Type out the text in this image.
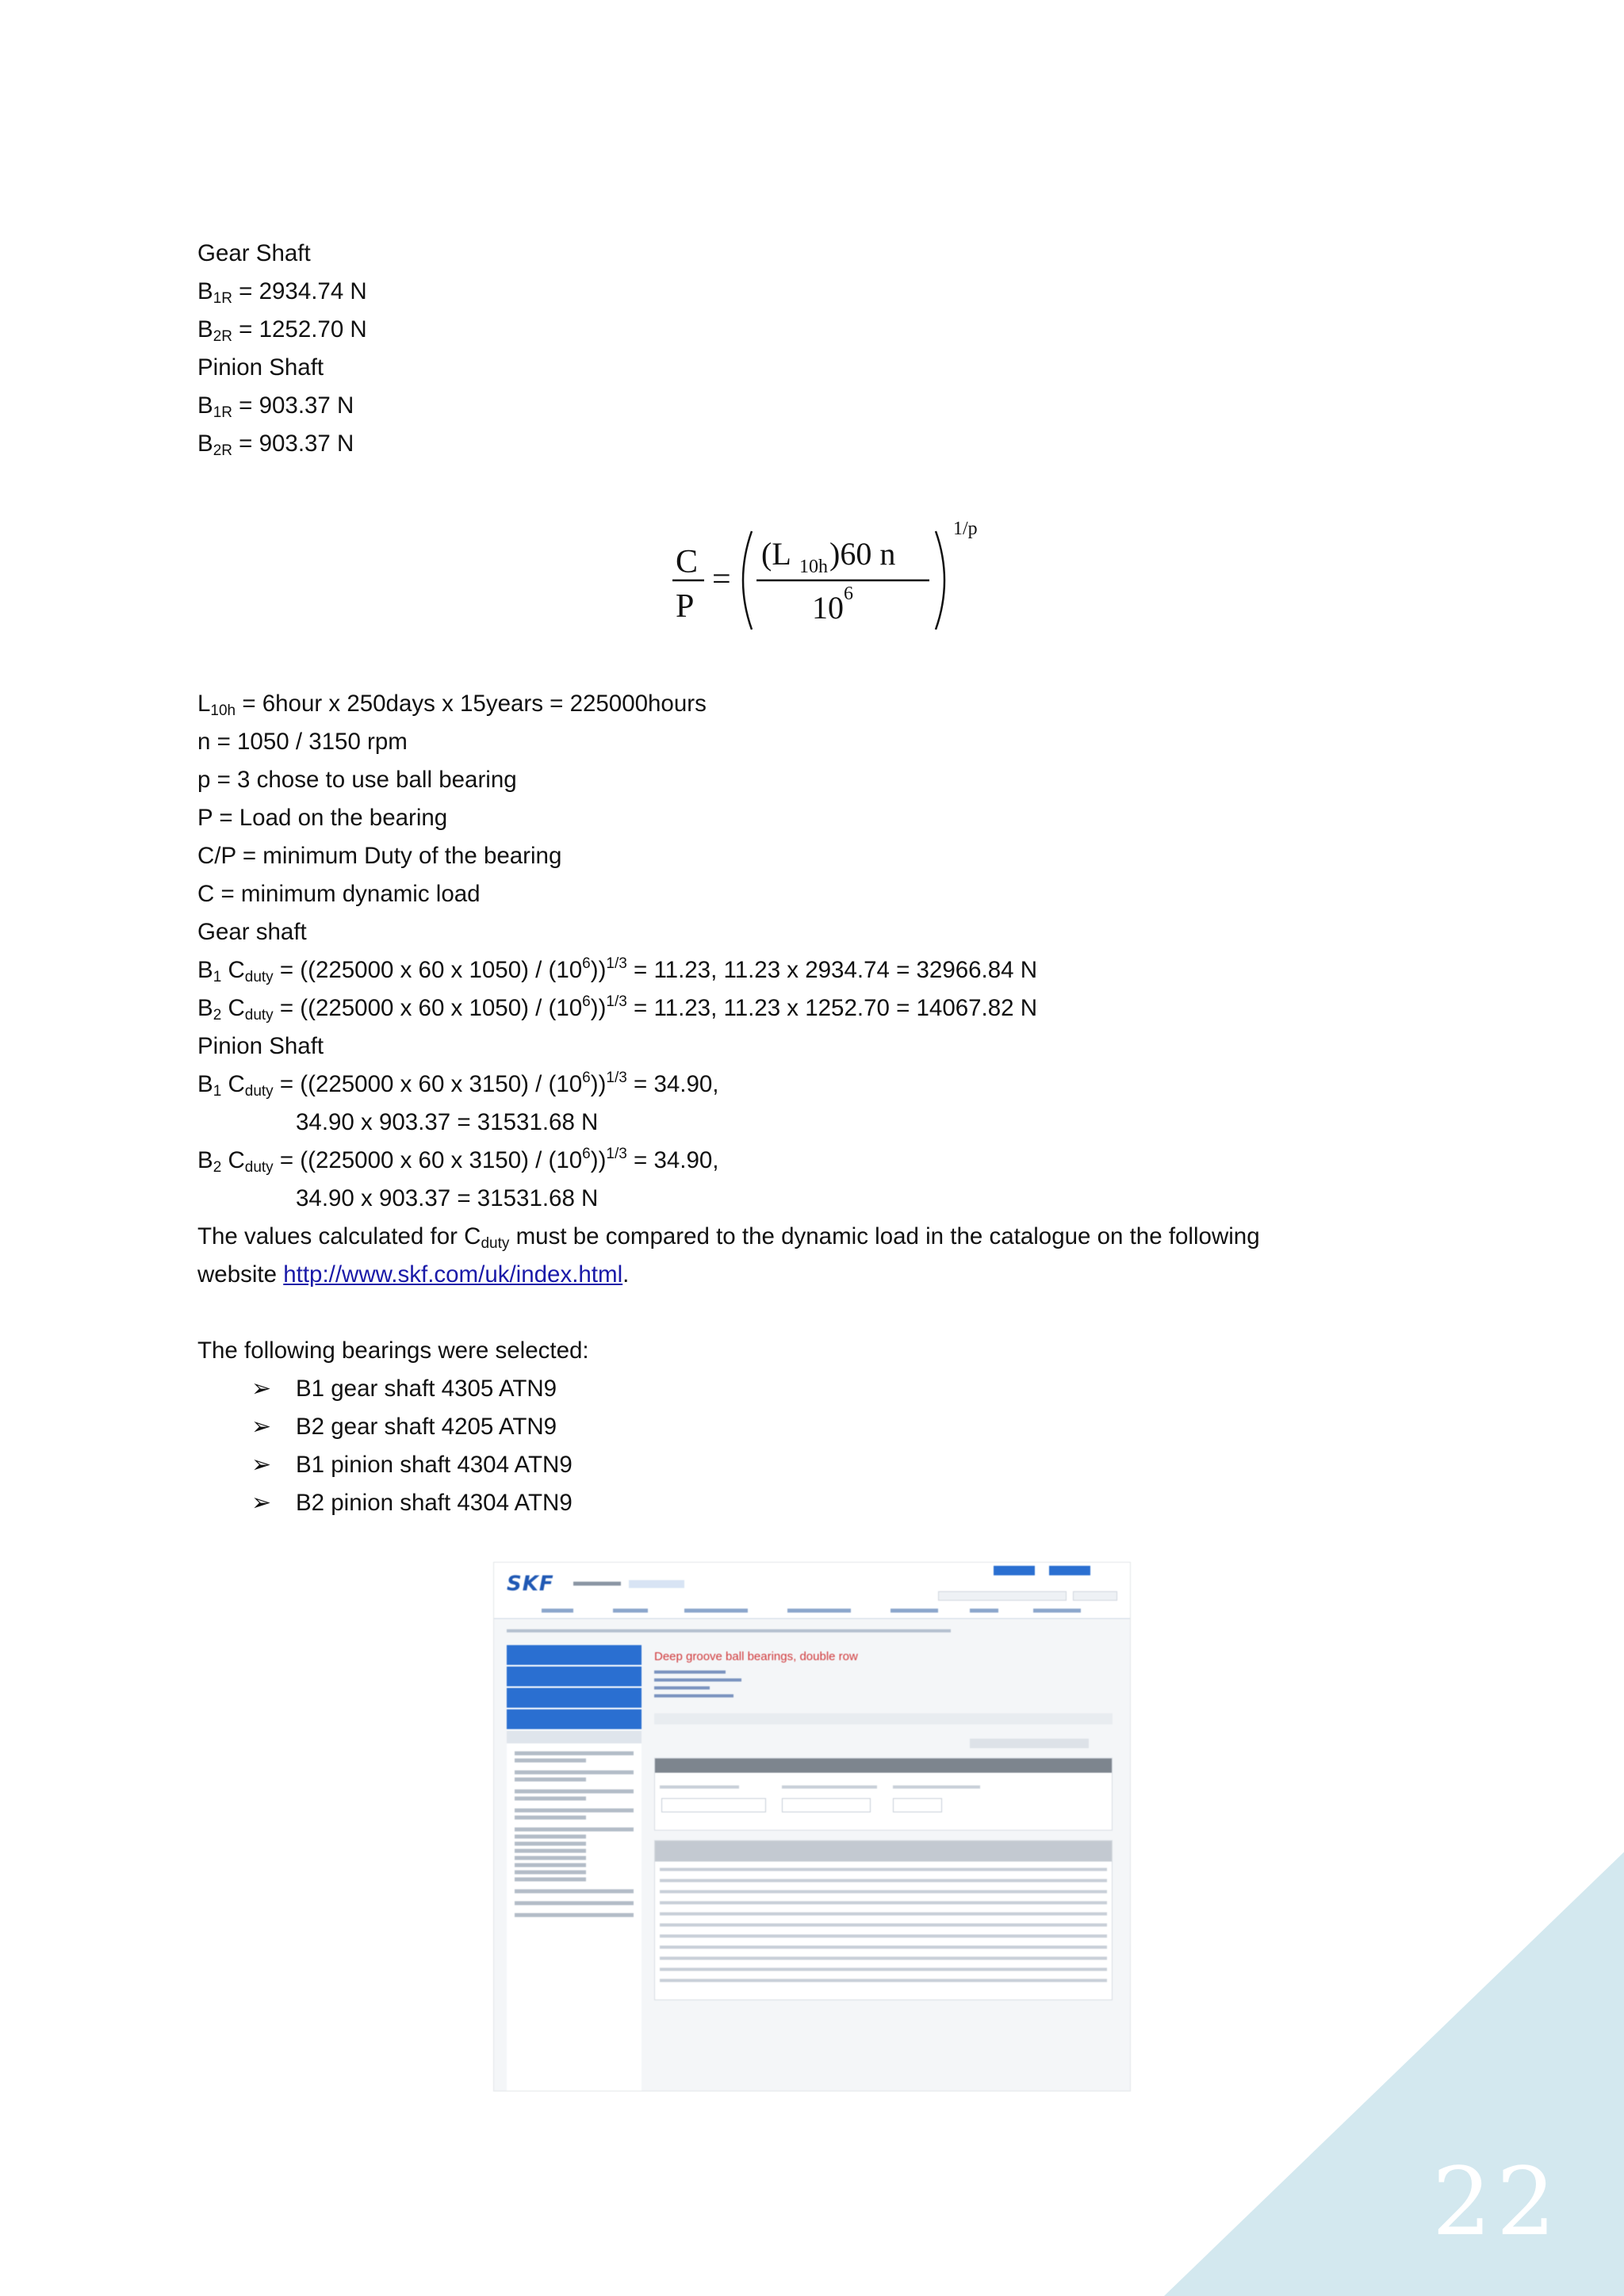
22
Gear Shaft
$B_{1R} = 2934.74$ N
$B_{2R} = 1252.70$ N
Pinion Shaft
$B_{1R} = 903.37$ N
$B_{2R} = 903.37$ N
$L_{10h}$ = 6hour x 250days x 15years = 225000hours
n = 1050 / 3150 rpm
p = 3 chose to use ball bearing
P = Load on the bearing
C/P = minimum Duty of the bearing
C = minimum dynamic load
Gear shaft
$B_1$ $C_{duty} = ((225000$ x 60 x $1050) / (10^6))^{1/3} = 11.23$, 11.23 x 2934.74 = 32966.84 N
$B_2$ $C_{duty} = ((225000$ x 60 x $1050) / (10^6))^{1/3} = 11.23$, 11.23 x 1252.70 = 14067.82 N
Pinion Shaft
$B_1$ $C_{duty} = ((225000$ x 60 x $3150) / (10^6))^{1/3} = 34.90$,
34.90 x 903.37 = 31531.68 N
$B_2$ $C_{duty} = ((225000$ x 60 x $3150) / (10^6))^{1/3} = 34.90$,
34.90 x 903.37 = 31531.68 N
The values calculated for $C_{duty}$ must be compared to the dynamic load in the catalogue on the following
website http://www.skf.com/uk/index.html.
The following bearings were selected:
➢	B1 gear shaft 4305 ATN9
➢	B2 gear shaft 4205 ATN9
➢	B1 pinion shaft 4304 ATN9
➢	B2 pinion shaft 4304 ATN9
C
P
=
(L 10h )60 n
10 6
1/p
SKF
Deep groove ball bearings, double row
